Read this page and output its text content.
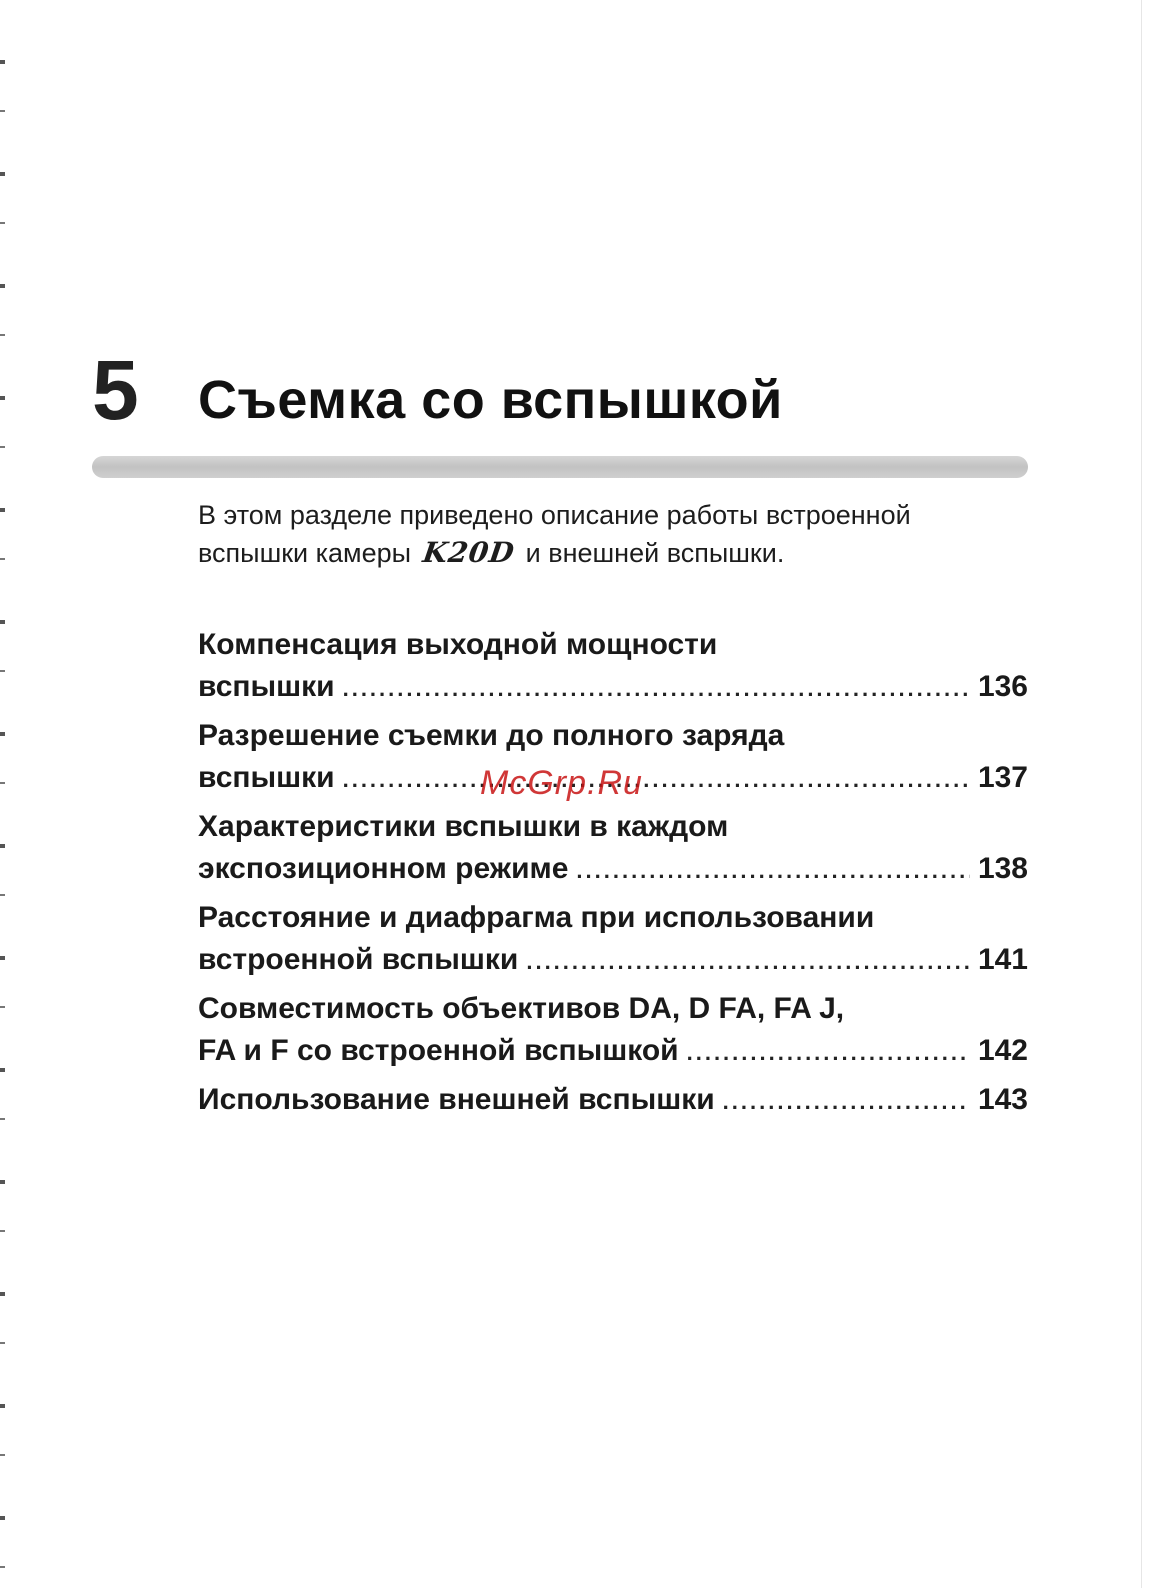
5 Съемка со вспышкой
В этом разделе приведено описание работы встроенной
вспышки камеры K20D и внешней вспышки.
Компенсация выходной мощности
вспышки .....	136
Разрешение съемки до полного заряда
вспышки .....	137
Характеристики вспышки в каждом
экспозиционном режиме .....	138
Расстояние и диафрагма при использовании
встроенной вспышки .....	141
Совместимость объективов DA, D FA, FA J,
FA и F со встроенной вспышкой .....	142
Использование внешней вспышки .....	143
McGrp.Ru
